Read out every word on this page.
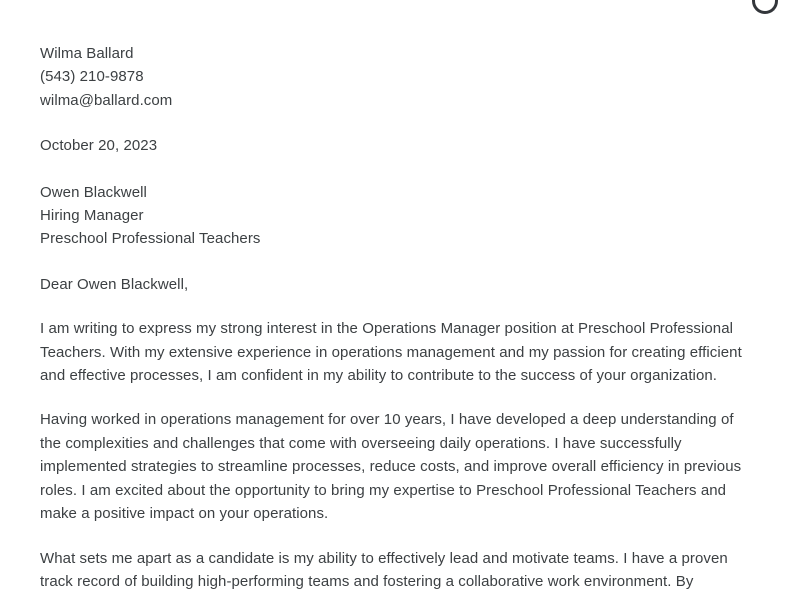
Wilma Ballard
(543) 210-9878
wilma@ballard.com
October 20, 2023
Owen Blackwell
Hiring Manager
Preschool Professional Teachers
Dear Owen Blackwell,

I am writing to express my strong interest in the Operations Manager position at Preschool Professional Teachers. With my extensive experience in operations management and my passion for creating efficient and effective processes, I am confident in my ability to contribute to the success of your organization.

Having worked in operations management for over 10 years, I have developed a deep understanding of the complexities and challenges that come with overseeing daily operations. I have successfully implemented strategies to streamline processes, reduce costs, and improve overall efficiency in previous roles. I am excited about the opportunity to bring my expertise to Preschool Professional Teachers and make a positive impact on your operations.

What sets me apart as a candidate is my ability to effectively lead and motivate teams. I have a proven track record of building high-performing teams and fostering a collaborative work environment. By
